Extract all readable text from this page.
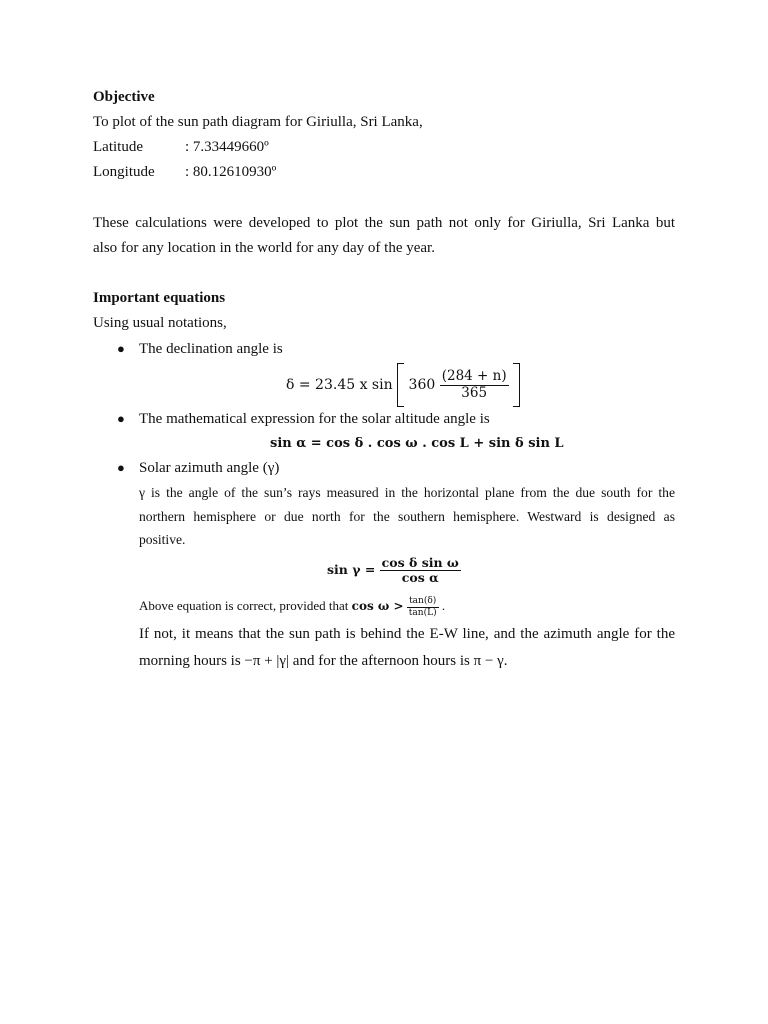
Objective
To plot of the sun path diagram for Giriulla, Sri Lanka,
Latitude	: 7.33449660º
Longitude : 80.12610930º
These calculations were developed to plot the sun path not only for Giriulla, Sri Lanka but
also for any location in the world for any day of the year.
Important equations
Using usual notations,
● The declination angle is
δ = 23.45 x $\sin 360 \frac{(284 + n)}{365}$

● The mathematical expression for the solar altitude angle is
sin α = cos δ . cos ω . cos L + sin δ sin L
● Solar azimuth angle (γ)
γ is the angle of the sun’s rays measured in the horizontal plane from the due south for the
northern hemisphere or due north for the southern hemisphere. Westward is designed as
positive.
$\sin \gamma = \frac{\text{cos δ sin ω}}{\text{cos α}}$
Above equation is correct, provided that $\cos \omega > \frac{\tan(\delta)}{\tan(L)}$ .
If not, it means that the sun path is behind the E-W line, and the azimuth angle for the
morning hours is −π + |γ| and for the afternoon hours is π − γ.
